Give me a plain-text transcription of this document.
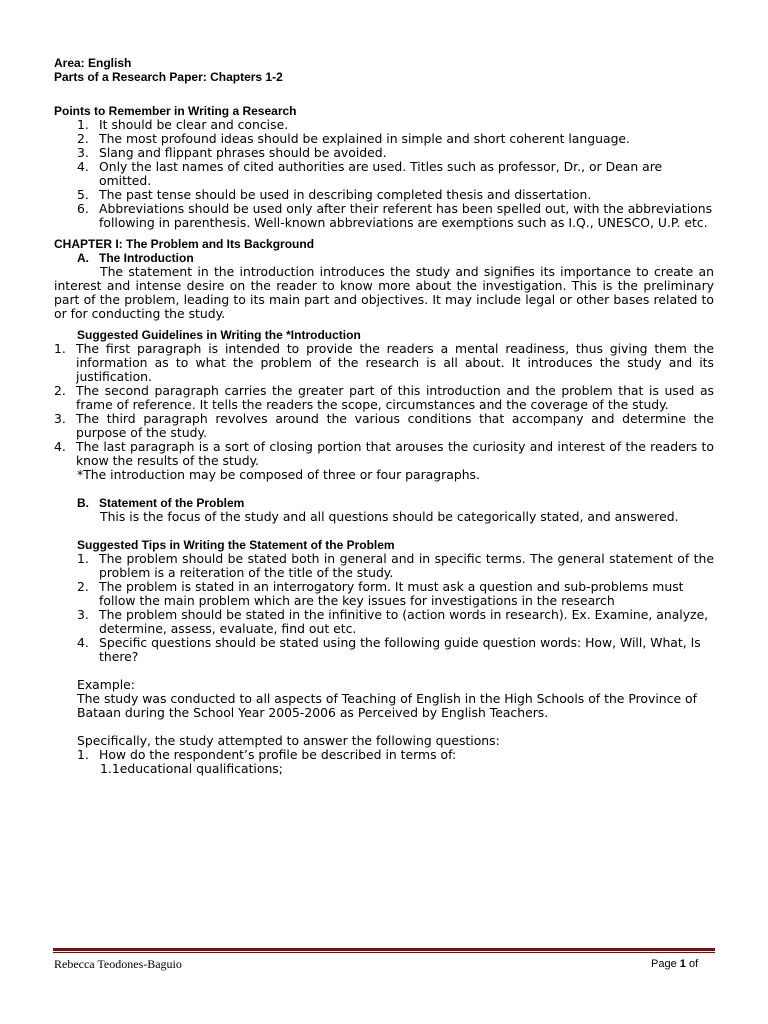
Area: English
Parts of a Research Paper: Chapters 1-2
Points to Remember in Writing a Research
1. It should be clear and concise.
2. The most profound ideas should be explained in simple and short coherent language.
3. Slang and flippant phrases should be avoided.
4. Only the last names of cited authorities are used. Titles such as professor, Dr., or Dean are omitted.
5. The past tense should be used in describing completed thesis and dissertation.
6. Abbreviations should be used only after their referent has been spelled out, with the abbreviations following in parenthesis. Well-known abbreviations are exemptions such as I.Q., UNESCO, U.P. etc.
CHAPTER I: The Problem and Its Background
A.   The Introduction
The statement in the introduction introduces the study and signifies its importance to create an interest and intense desire on the reader to know more about the investigation. This is the preliminary part of the problem, leading to its main part and objectives. It may include legal or other bases related to or for conducting the study.
Suggested Guidelines in Writing the *Introduction
1. The first paragraph is intended to provide the readers a mental readiness, thus giving them the information as to what the problem of the research is all about. It introduces the study and its justification.
2. The second paragraph carries the greater part of this introduction and the problem that is used as frame of reference. It tells the readers the scope, circumstances and the coverage of the study.
3. The third paragraph revolves around the various conditions that accompany and determine the purpose of the study.
4. The last paragraph is a sort of closing portion that arouses the curiosity and interest of the readers to know the results of the study.
*The introduction may be composed of three or four paragraphs.
B.   Statement of the Problem
This is the focus of the study and all questions should be categorically stated, and answered.
Suggested Tips in Writing the Statement of the Problem
1. The problem should be stated both in general and in specific terms. The general statement of the problem is a reiteration of the title of the study.
2. The problem is stated in an interrogatory form. It must ask a question and sub-problems must follow the main problem which are the key issues for investigations in the research
3. The problem should be stated in the infinitive to (action words in research). Ex. Examine, analyze, determine, assess, evaluate, find out etc.
4. Specific questions should be stated using the following guide question words: How, Will, What, Is there?
Example:
The study was conducted to all aspects of Teaching of English in the High Schools of the Province of Bataan during the School Year 2005-2006 as Perceived by English Teachers.
Specifically, the study attempted to answer the following questions:
1. How do the respondent’s profile be described in terms of:
1.1educational qualifications;
Rebecca Teodones-Baguio	Page 1 of
